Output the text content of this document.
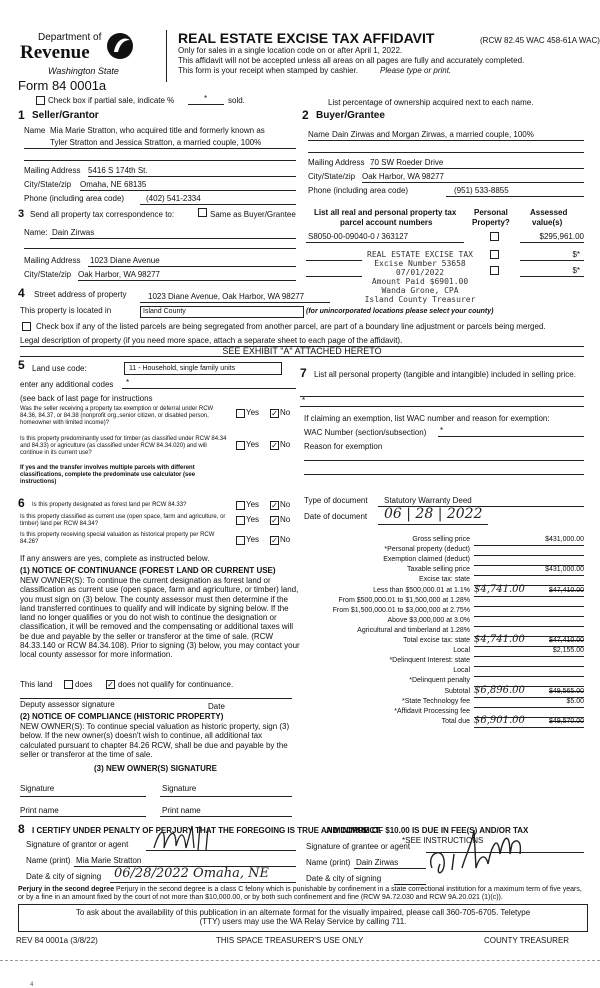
Department of
Revenue
Washington State
Form 84 0001a
REAL ESTATE EXCISE TAX AFFIDAVIT	(RCW 82.45 WAC 458-61A WAC)
Only for sales in a single location code on or after April 1, 2022.
This affidavit will not be accepted unless all areas on all pages are fully and accurately completed.
This form is your receipt when stamped by cashier.	Please type or print.
Check box if partial sale, indicate %	*	sold.	List percentage of ownership acquired next to each name.
1 Seller/Grantor
Name Mia Marie Stratton, who acquired title and formerly known as
Tyler Stratton and Jessica Stratton, a married couple, 100%
Mailing Address 5416 S 174th St.
City/State/zip Omaha, NE 68135
Phone (including area code)	(402) 541-2334
2 Buyer/Grantee
Name Dain Zirwas and Morgan Zirwas, a married couple, 100%
Mailing Address 70 SW Roeder Drive
City/State/zip Oak Harbor, WA 98277
Phone (including area code)	(951) 533-8855
3 Send all property tax correspondence to:	Same as Buyer/Grantee
Name: Dain Zirwas
Mailing Address 1023 Diane Avenue
City/State/zip Oak Harbor, WA 98277
List all real and personal property tax
parcel account numbers
Personal
Property?
Assessed
value(s)
S8050-00-09040-0 / 363127	$295,961.00
$*
$*
REAL ESTATE EXCISE TAX
Excise Number 53658
07/01/2022
Amount Paid $6901.00
Wanda Grone, CPA
Island County Treasurer
4 Street address of property	1023 Diane Avenue, Oak Harbor, WA 98277
This property is located in	Island County	(for unincorporated locations please select your county)
Check box if any of the listed parcels are being segregated from another parcel, are part of a boundary line adjustment or parcels being merged.
Legal description of property (if you need more space, attach a separate sheet to each page of the affidavit).
SEE EXHIBIT "A" ATTACHED HERETO
5 Land use code:	11 - Household, single family units
enter any additional codes *
(see back of last page for instructions
Was the seller receiving a property tax exemption or deferral under RCW 84.36, 84.37, or 84.38 (nonprofit org.,senior citizen, or disabled person, homeowner with limited income)?
Yes ✓ No
Is this property predominantly used for timber (as classified under RCW 84.34 and 84.33) or agriculture (as classified under RCW 84.34.020) and will continue in its current use?
If yes and the transfer involves multiple parcels with different classifications, complete the predominate use calculator (see instructions)
Yes ✓ No
6 Is this property designated as forest land per RCW 84.33?	Yes ✓ No
Is this property classified as current use (open space, farm and agriculture, or timber) land per RCW 84.34?	Yes ✓ No
Is this property receiving special valuation as historical property per RCW 84.26?	Yes ✓ No
If any answers are yes, complete as instructed below.
(1) NOTICE OF CONTINUANCE (FOREST LAND OR CURRENT USE)
NEW OWNER(S): To continue the current designation as forest land or classification as current use (open space, farm and agriculture, or timber) land, you must sign on (3) below. The county assessor must then determine if the land transferred continues to qualify and will indicate by signing below. If the land no longer qualifies or you do not wish to continue the designation or classification, it will be removed and the compensating or additional taxes will be due and payable by the seller or transferor at the time of sale. (RCW 84.33.140 or RCW 84.34.108). Prior to signing (3) below, you may contact your local county assessor for more information.
This land	does ✓ does not qualify for continuance.
Deputy assessor signature	Date
(2) NOTICE OF COMPLIANCE (HISTORIC PROPERTY)
NEW OWNER(S): To continue special valuation as historic property, sign (3) below. If the new owner(s) doesn't wish to continue, all additional tax calculated pursuant to chapter 84.26 RCW, shall be due and payable by the seller or transferor at the time of sale.
(3) NEW OWNER(S) SIGNATURE
Signature	Signature
Print name	Print name
7 List all personal property (tangible and intangible) included in selling price.
*
If claiming an exemption, list WAC number and reason for exemption:
WAC Number (section/subsection) *
Reason for exemption
Type of document Statutory Warranty Deed
Date of document 06 | 28 | 2022
Gross selling price	$431,000.00
*Personal property (deduct)
Exemption claimed (deduct)
Taxable selling price	$431,000.00
Excise tax: state
Less than $500,000.01 at 1.1% $4,741.00	$47,410.00
From $500,000.01 to $1,500,000 at 1.28%
From $1,500,000.01 to $3,000,000 at 2.75%
Above $3,000,000 at 3.0%
Agricultural and timberland at 1.28%
Total excise tax: state $4,741.00	$47,410.00
Local	$2,155.00
*Delinquent Interest: state
Local
*Delinquent penalty
Subtotal $6,896.00	$49,565.00
*State Technology fee	$5.00
*Affidavit Processing fee
Total due $6,901.00	$49,570.00
A MINIMUM OF $10.00 IS DUE IN FEE(S) AND/OR TAX
*SEE INSTRUCTIONS
8 I CERTIFY UNDER PENALTY OF PERJURY THAT THE FOREGOING IS TRUE AND CORRECT.
Signature of grantor or agent	Signature of grantee or agent
Name (print) Mia Marie Stratton	Name (print) Dain Zirwas
Date & city of signing 06/28/2022 Omaha, NE	Date & city of signing
Perjury in the second degree Perjury in the second degree is a class C felony which is punishable by confinement in a state correctional institution for a maximum term of five years, or by a fine in an amount fixed by the court of not more than $10,000.00, or by both such confinement and fine (RCW 9A.72.030 and RCW 9A.20.021 (1)(c)).
To ask about the availability of this publication in an alternate format for the visually impaired, please call 360-705-6705. Teletype
(TTY) users may use the WA Relay Service by calling 711.
REV 84 0001a (3/8/22)	THIS SPACE TREASURER'S USE ONLY	COUNTY TREASURER
4
